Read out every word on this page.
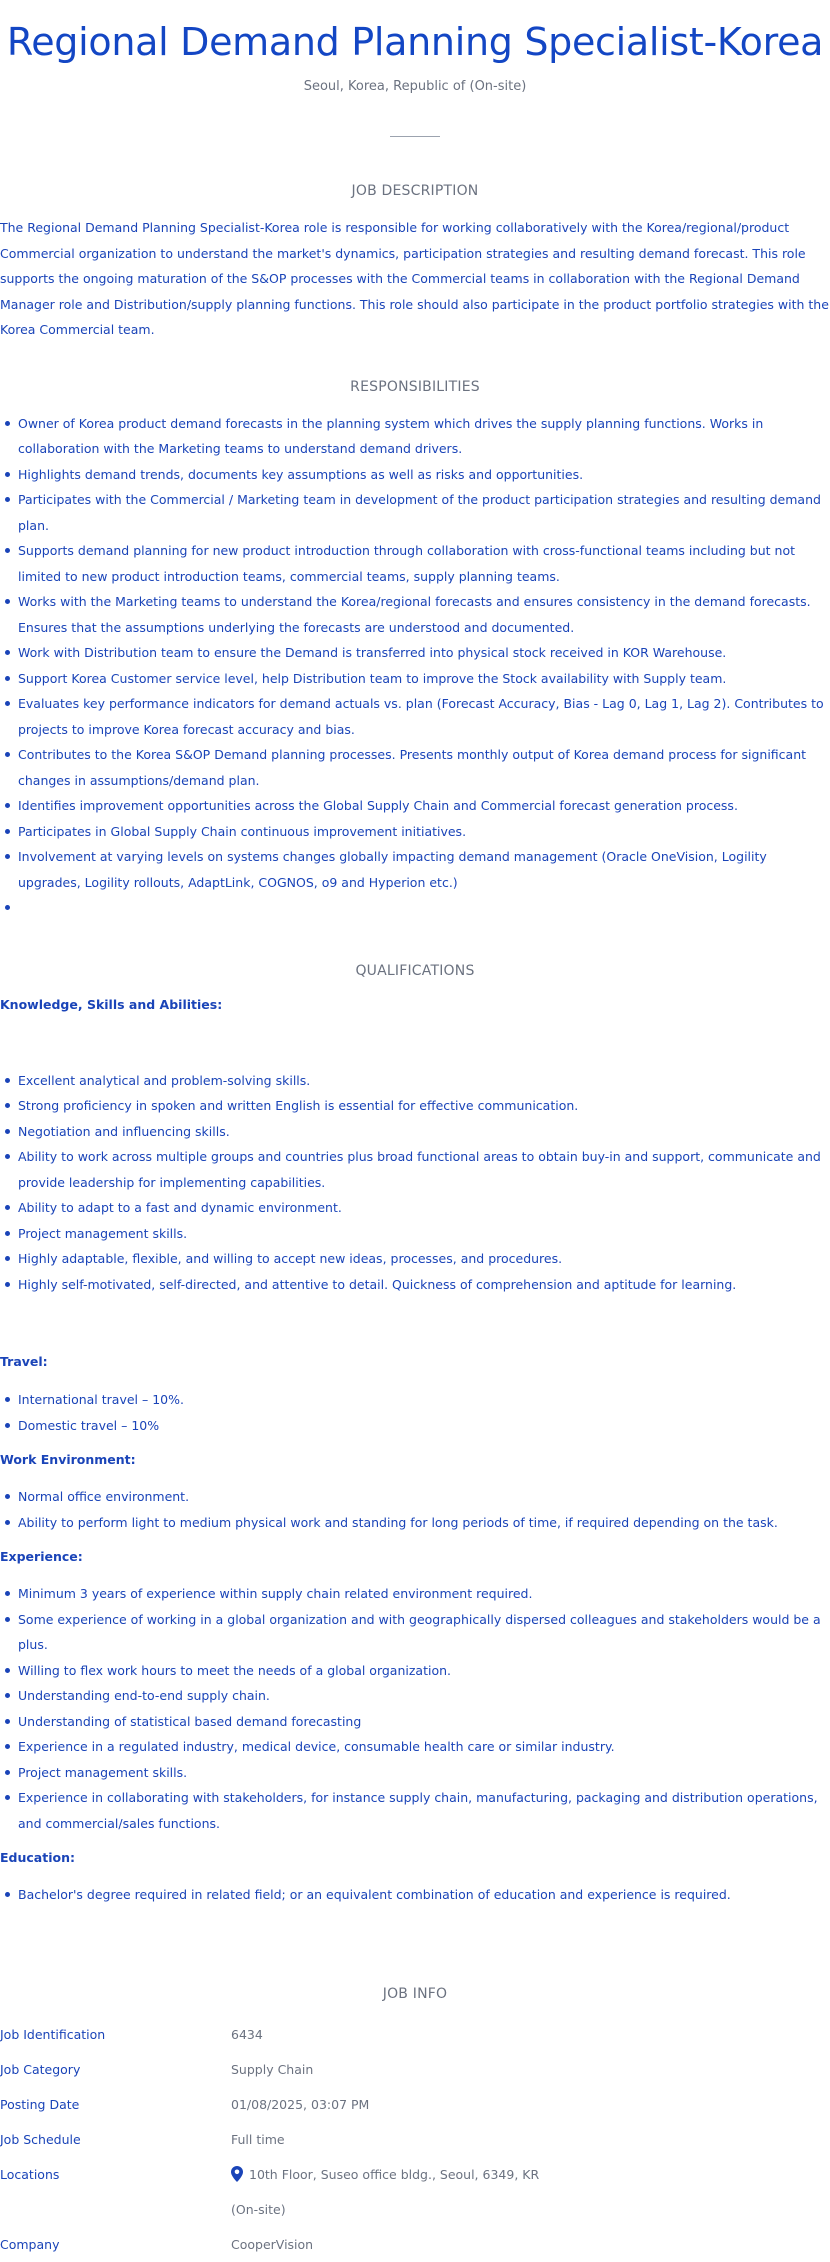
Regional Demand Planning Specialist-Korea
Seoul, Korea, Republic of (On-site)
JOB DESCRIPTION

The Regional Demand Planning Specialist-Korea role is responsible for working collaboratively with the Korea/regional/product Commercial organization to understand the market's dynamics, participation strategies and resulting demand forecast. This role supports the ongoing maturation of the S&OP processes with the Commercial teams in collaboration with the Regional Demand Manager role and Distribution/supply planning functions. This role should also participate in the product portfolio strategies with the Korea Commercial team.

RESPONSIBILITIES
Owner of Korea product demand forecasts in the planning system which drives the supply planning functions. Works in collaboration with the Marketing teams to understand demand drivers.
Highlights demand trends, documents key assumptions as well as risks and opportunities.
Participates with the Commercial / Marketing team in development of the product participation strategies and resulting demand plan.
Supports demand planning for new product introduction through collaboration with cross-functional teams including but not limited to new product introduction teams, commercial teams, supply planning teams.
Works with the Marketing teams to understand the Korea/regional forecasts and ensures consistency in the demand forecasts. Ensures that the assumptions underlying the forecasts are understood and documented.
Work with Distribution team to ensure the Demand is transferred into physical stock received in KOR Warehouse.
Support Korea Customer service level, help Distribution team to improve the Stock availability with Supply team.
Evaluates key performance indicators for demand actuals vs. plan (Forecast Accuracy, Bias - Lag 0, Lag 1, Lag 2). Contributes to projects to improve Korea forecast accuracy and bias.
Contributes to the Korea S&OP Demand planning processes. Presents monthly output of Korea demand process for significant changes in assumptions/demand plan.
Identifies improvement opportunities across the Global Supply Chain and Commercial forecast generation process.
Participates in Global Supply Chain continuous improvement initiatives.
Involvement at varying levels on systems changes globally impacting demand management (Oracle OneVision, Logility upgrades, Logility rollouts, AdaptLink, COGNOS, o9 and Hyperion etc.)
QUALIFICATIONS
Knowledge, Skills and Abilities:
Excellent analytical and problem-solving skills.
Strong proficiency in spoken and written English is essential for effective communication.
Negotiation and influencing skills.
Ability to work across multiple groups and countries plus broad functional areas to obtain buy-in and support, communicate and provide leadership for implementing capabilities.
Ability to adapt to a fast and dynamic environment.
Project management skills.
Highly adaptable, flexible, and willing to accept new ideas, processes, and procedures.
Highly self-motivated, self-directed, and attentive to detail. Quickness of comprehension and aptitude for learning.
Travel:
International travel – 10%.
Domestic travel – 10%
Work Environment:
Normal office environment.
Ability to perform light to medium physical work and standing for long periods of time, if required depending on the task.
Experience:
Minimum 3 years of experience within supply chain related environment required.
Some experience of working in a global organization and with geographically dispersed colleagues and stakeholders would be a plus.
Willing to flex work hours to meet the needs of a global organization.
Understanding end-to-end supply chain.
Understanding of statistical based demand forecasting
Experience in a regulated industry, medical device, consumable health care or similar industry.
Project management skills.
Experience in collaborating with stakeholders, for instance supply chain, manufacturing, packaging and distribution operations, and commercial/sales functions.
Education:
Bachelor's degree required in related field; or an equivalent combination of education and experience is required.
JOB INFO
Job Identification	6434
Job Category	Supply Chain
Posting Date	01/08/2025, 03:07 PM
Job Schedule	Full time
Locations	10th Floor, Suseo office bldg., Seoul, 6349, KR
(On-site)
Company	CooperVision
